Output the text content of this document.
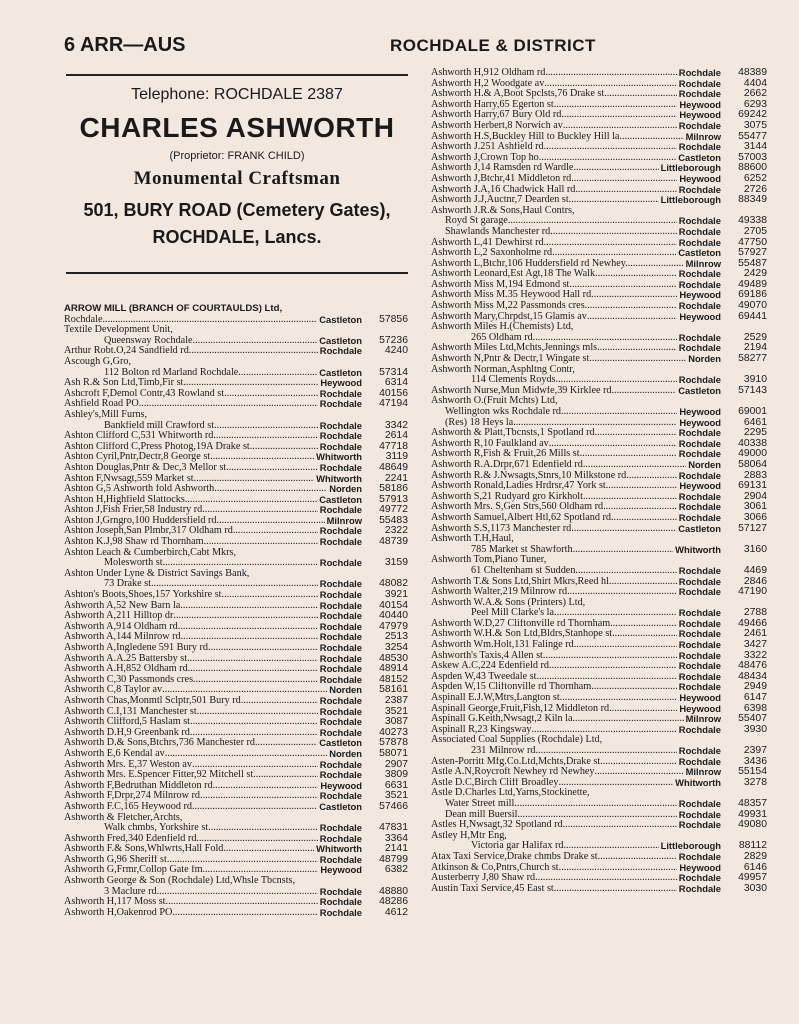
6 ARR—AUS	ROCHDALE & DISTRICT
Telephone: ROCHDALE 2387
CHARLES ASHWORTH
(Proprietor: FRANK CHILD)
Monumental Craftsman
501, BURY ROAD (Cemetery Gates),
ROCHDALE, Lancs.
ARROW MILL (BRANCH OF COURTAULDS) Ltd,
Rochdale .....	Castleton	57856
Textile Development Unit,
Queensway Rochdale.. .....	Castleton	57236
Arthur Robt.O,24 Sandfield rd .....	Rochdale	4240
Ascough G,Gro,
112 Bolton rd Marland Rochdale.. .....	Castleton	57314
Ash R.& Son Ltd,Timb,Fir st .....	Heywood	6314
Ashcroft F,Demol Contr,43 Rowland st .....	Rochdale	40156
Ashfield Road PO .....	Rochdale	47194
Ashley's,Mill Furns,
Bankfield mill Crawford st.. .....	Rochdale	3342
Ashton Clifford C,531 Whitworth rd .....	Rochdale	2614
Ashton Clifford C,Press Photog,19A Drake st.. .....	Rochdale	47718
Ashton Cyril,Pntr,Dectr,8 George st .....	Whitworth	3119
Ashton Douglas,Pntr & Dec,3 Mellor st .....	Rochdale	48649
Ashton F,Nwsagt,559 Market st .....	Whitworth	2241
Ashton G,5 Ashworth fold Ashworth .....	Norden	58186
Ashton H,Highfield Slattocks .....	Castleton	57913
Ashton J,Fish Frier,58 Industry rd .....	Rochdale	49772
Ashton J,Grngro,100 Huddersfield rd .....	Milnrow	55483
Ashton Joseph,San Plmbr,317 Oldham rd .....	Rochdale	2322
Ashton K.J,98 Shaw rd Thornham .....	Rochdale	48739
Ashton Leach & Cumberbirch,Cabt Mkrs,
Molesworth st.. .....	Rochdale	3159
Ashton Under Lyne & District Savings Bank,
73 Drake st.. .....	Rochdale	48082
Ashton's Boots,Shoes,157 Yorkshire st .....	Rochdale	3921
Ashworth A,52 New Barn la .....	Rochdale	40154
Ashworth A,211 Hilltop dr .....	Rochdale	40440
Ashworth A,914 Oldham rd .....	Rochdale	47979
Ashworth A,144 Milnrow rd .....	Rochdale	2513
Ashworth A,Ingledene 591 Bury rd .....	Rochdale	3254
Ashworth A.A.25 Battersby st .....	Rochdale	48530
Ashworth A.H,852 Oldham rd .....	Rochdale	48914
Ashworth C,30 Passmonds cres .....	Rochdale	48152
Ashworth C,8 Taylor av .....	Norden	58161
Ashworth Chas,Monmtl Sclptr,501 Bury rd .....	Rochdale	2387
Ashworth C.I,131 Manchester st .....	Rochdale	3521
Ashworth Clifford,5 Haslam st .....	Rochdale	3087
Ashworth D.H,9 Greenbank rd .....	Rochdale	40273
Ashworth D.& Sons,Btchrs,736 Manchester rd.. .....	Castleton	57878
Ashworth E,6 Kendal av .....	Norden	58071
Ashworth Mrs. E,37 Weston av .....	Rochdale	2907
Ashworth Mrs. E.Spencer Fitter,92 Mitchell st. .....	Rochdale	3809
Ashworth F,Bedruthan Middleton rd .....	Heywood	6631
Ashworth F,Drpr,274 Milnrow rd .....	Rochdale	3521
Ashworth F.C,165 Heywood rd .....	Castleton	57466
Ashworth & Fletcher,Archts,
Walk chmbs, Yorkshire st.. .....	Rochdale	47831
Ashworth Fred,340 Edenfield rd .....	Rochdale	3364
Ashworth F.& Sons,Whlwrts,Hall Fold.... .....	Whitworth	2141
Ashworth G,96 Sheriff st .....	Rochdale	48799
Ashworth G,Frmr,Collop Gate fm .....	Heywood	6382
Ashworth George & Son (Rochdale) Ltd,Whsle Tbcnsts,
3 Maclure rd.. .....	Rochdale	48880
Ashworth H,117 Moss st .....	Rochdale	48286
Ashworth H,Oakenrod PO .....	Rochdale	4612
Ashworth H,912 Oldham rd .....	Rochdale	48389
Ashworth H,2 Woodgate av .....	Rochdale	4404
Ashworth H.& A,Boot Spclsts,76 Drake st .....	Rochdale	2662
Ashworth Harry,65 Egerton st .....	Heywood	6293
Ashworth Harry,67 Bury Old rd .....	Heywood	69242
Ashworth Herbert,8 Norwich av .....	Rochdale	3075
Ashworth H.S,Buckley Hill to Buckley Hill la.. .....	Milnrow	55477
Ashworth J.251 Ashfield rd .....	Rochdale	3144
Ashworth J,Crown Top ho .....	Castleton	57003
Ashworth J,14 Ramsden rd Wardle .....	Littleborough	88600
Ashworth J,Btchr,41 Middleton rd .....	Heywood	6252
Ashworth J.A,16 Chadwick Hall rd .....	Rochdale	2726
Ashworth J.J,Auctnr,7 Dearden st .....	Littleborough	88349
Ashworth J.R.& Sons,Haul Contrs,
Royd St garage .....	Rochdale	49338
Shawlands Manchester rd .....	Rochdale	2705
Ashworth L,41 Dewhirst rd .....	Rochdale	47750
Ashworth L,2 Saxonholme rd .....	Castleton	57927
Ashworth L,Btchr,106 Huddersfield rd Newhey.. .....	Milnrow	55487
Ashworth Leonard,Est Agt,18 The Walk .....	Rochdale	2429
Ashworth Miss M,194 Edmond st .....	Rochdale	49489
Ashworth Miss M.35 Heywood Hall rd .....	Heywood	69186
Ashworth Miss M,22 Passmonds cres .....	Rochdale	49070
Ashworth Mary,Chrpdst,15 Glamis av .....	Heywood	69441
Ashworth Miles H.(Chemists) Ltd,
265 Oldham rd.. .....	Rochdale	2529
Ashworth Miles Ltd,Mchts,Jennings mls .....	Rochdale	2194
Ashworth N,Pntr & Dectr,1 Wingate st .....	Norden	58277
Ashworth Norman,Asphltng Contr,
114 Clements Royds.. .....	Rochdale	3910
Ashworth Nurse,Mun Midwfe,39 Kirklee rd... .....	Castleton	57143
Ashworth O.(Fruit Mchts) Ltd,
Wellington wks Rochdale rd .....	Heywood	69001
(Res) 18 Heys la .....	Heywood	6461
Ashworth & Platt,Tbcnsts,1 Spotland rd .....	Rochdale	2295
Ashworth R,10 Faulkland av .....	Rochdale	40338
Ashworth R,Fish & Fruit,26 Mills st .....	Rochdale	49000
Ashworth R.A.Drpr,671 Edenfield rd .....	Norden	58064
Ashworth R.& J.Nwsagts,Stnrs,10 Milkstone rd .....	Rochdale	2883
Ashworth Ronald,Ladies Hrdrsr,47 York st.. .....	Heywood	69131
Ashworth S,21 Rudyard gro Kirkholt .....	Rochdale	2904
Ashworth Mrs. S,Gen Strs,560 Oldham rd .....	Rochdale	3061
Ashworth Samuel,Albert Htl,62 Spotland rd.. .....	Rochdale	3066
Ashworth S.S,1173 Manchester rd .....	Castleton	57127
Ashworth T.H,Haul,
785 Market st Shawforth.. .....	Whitworth	3160
Ashworth Tom,Piano Tuner,
61 Cheltenham st Sudden.. .....	Rochdale	4469
Ashworth T.& Sons Ltd,Shirt Mkrs,Reed hl... .....	Rochdale	2846
Ashworth Walter,219 Milnrow rd .....	Rochdale	47190
Ashworth W.A.& Sons (Printers) Ltd,
Peel Mill Clarke's la.. .....	Rochdale	2788
Ashworth W.D,27 Cliftonville rd Thornham.... .....	Rochdale	49466
Ashworth W.H.& Son Ltd,Bldrs,Stanhope st.. .....	Rochdale	2461
Ashworth Wm.Holt,131 Falinge rd .....	Rochdale	3427
Ashworth's Taxis,4 Allen st .....	Rochdale	3322
Askew A.C,224 Edenfield rd .....	Rochdale	48476
Aspden W,43 Tweedale st .....	Rochdale	48434
Aspden W,15 Cliftonville rd Thornham .....	Rochdale	2949
Aspinall E.J.W,Mtrs,Langton st .....	Heywood	6147
Aspinall George,Fruit,Fish,12 Middleton rd .....	Heywood	6398
Aspinall G.Keith,Nwsagt,2 Kiln la .....	Milnrow	55407
Aspinall R,23 Kingsway .....	Rochdale	3930
Associated Coal Supplies (Rochdale) Ltd,
231 Milnrow rd.. .....	Rochdale	2397
Asten-Porritt Mfg.Co.Ltd,Mchts,Drake st .....	Rochdale	3436
Astle A.N,Roycroft Newhey rd Newhey .....	Milnrow	55154
Astle D.C,Birch Cliff Broadley .....	Whitworth	3278
Astle D.Charles Ltd,Yarns,Stockinette,
Water Street mill .....	Rochdale	48357
Dean mill Buersil .....	Rochdale	49931
Astles H,Nwsagt,32 Spotland rd .....	Rochdale	49080
Astley H,Mtr Eng,
Victoria gar Halifax rd.. .....	Littleborough	88112
Atax Taxi Service,Drake chmbs Drake st .....	Rochdale	2829
Atkinson & Co,Pntrs,Church st .....	Heywood	6146
Austerberry J,80 Shaw rd .....	Rochdale	49957
Austin Taxi Service,45 East st .....	Rochdale	3030
